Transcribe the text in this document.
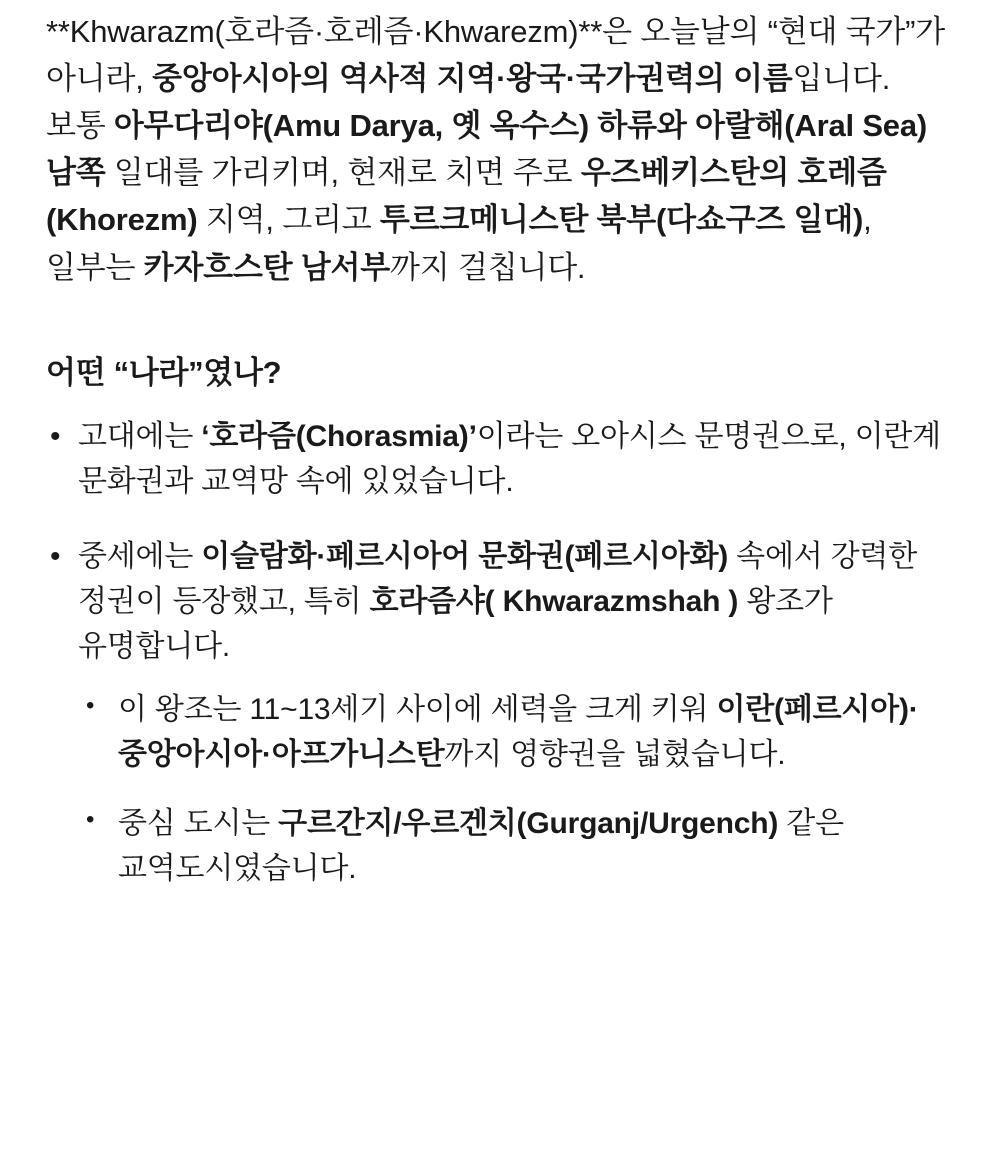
**Khwarazm(호라즘·호레즘·Khwarezm)**은 오늘날의 “현대 국가”가 아니라, 중앙아시아의 역사적 지역·왕국·국가권력의 이름입니다. 보통 아무다리야(Amu Darya, 옛 옥수스) 하류와 아랄해(Aral Sea) 남쪽 일대를 가리키며, 현재로 치면 주로 우즈베키스탄의 호레즘(Khorezm) 지역, 그리고 투르크메니스탄 북부(다쇼구즈 일대), 일부는 카자흐스탄 남서부까지 걸칩니다.

어떤 “나라”였나?
• 고대에는 ‘호라즘(Chorasmia)’이라는 오아시스 문명권으로, 이란계 문화권과 교역망 속에 있었습니다.
• 중세에는 이슬람화·페르시아어 문화권(페르시아화) 속에서 강력한 정권이 등장했고, 특히 호라즘샤( Khwarazmshah ) 왕조가 유명합니다.
• 이 왕조는 11~13세기 사이에 세력을 크게 키워 이란(페르시아)·중앙아시아·아프가니스탄까지 영향권을 넓혔습니다.
• 중심 도시는 구르간지/우르겐치(Gurganj/Urgench) 같은 교역도시였습니다.
